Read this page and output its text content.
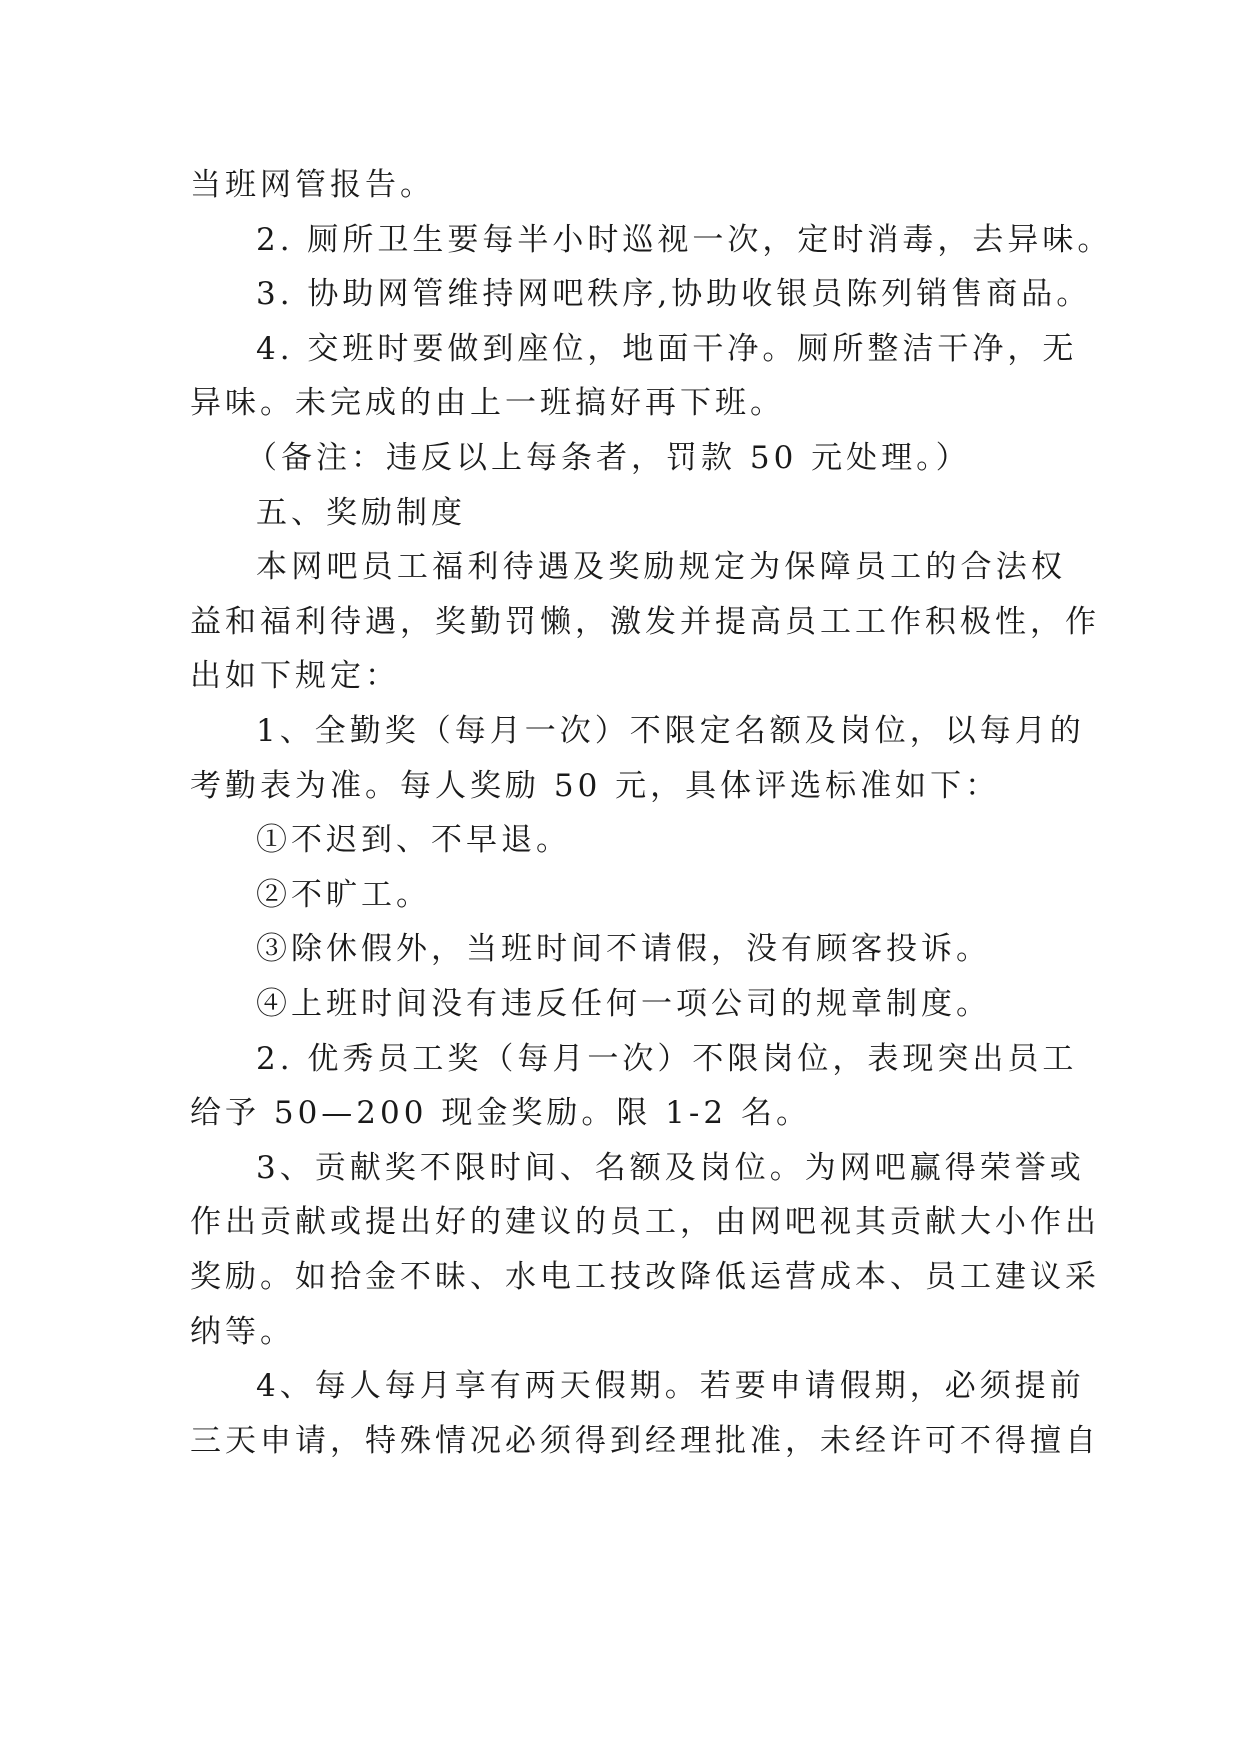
当班网管报告。
2. 厕所卫生要每半小时巡视一次，定时消毒，去异味。
3. 协助网管维持网吧秩序,协助收银员陈列销售商品。
4. 交班时要做到座位，地面干净。厕所整洁干净，无
异味。未完成的由上一班搞好再下班。
（备注：违反以上每条者，罚款 50 元处理。）
五、奖励制度
本网吧员工福利待遇及奖励规定为保障员工的合法权
益和福利待遇，奖勤罚懒，激发并提高员工工作积极性，作
出如下规定：
1、全勤奖（每月一次）不限定名额及岗位，以每月的
考勤表为准。每人奖励 50 元，具体评选标准如下：
①不迟到、不早退。
②不旷工。
③除休假外，当班时间不请假，没有顾客投诉。
④上班时间没有违反任何一项公司的规章制度。
2. 优秀员工奖（每月一次）不限岗位，表现突出员工
给予 50—200 现金奖励。限 1-2 名。
3、贡献奖不限时间、名额及岗位。为网吧赢得荣誉或
作出贡献或提出好的建议的员工，由网吧视其贡献大小作出
奖励。如拾金不昧、水电工技改降低运营成本、员工建议采
纳等。
4、每人每月享有两天假期。若要申请假期，必须提前
三天申请，特殊情况必须得到经理批准，未经许可不得擅自
